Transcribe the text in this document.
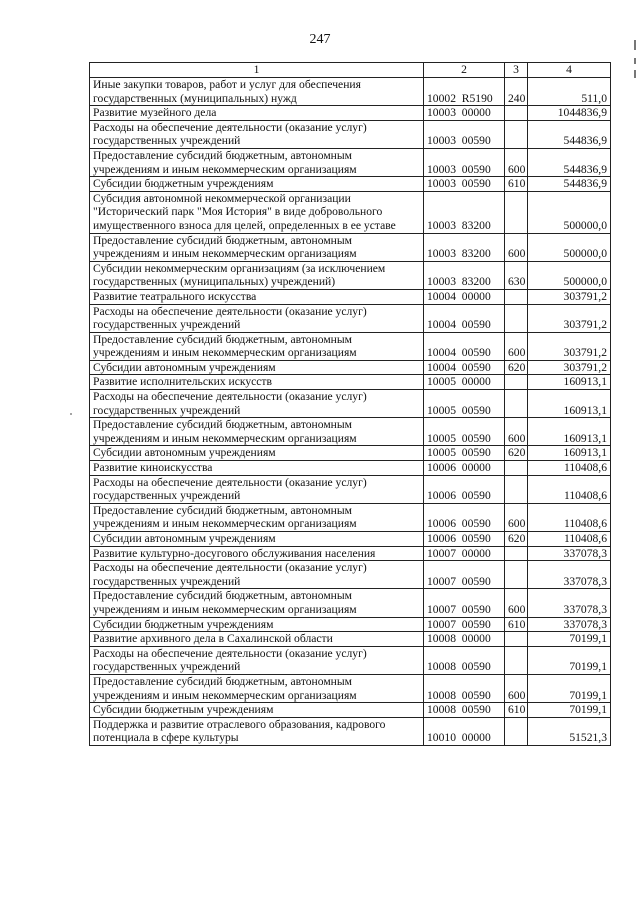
247
1	2	3	4
Иные закупки товаров, работ и услуг для обеспечения государственных (муниципальных) нужд	10002  R5190	240	511,0
Развитие музейного дела	10003  00000		1044836,9
Расходы на обеспечение деятельности (оказание услуг) государственных учреждений	10003  00590		544836,9
Предоставление субсидий бюджетным, автономным учреждениям и иным некоммерческим организациям	10003  00590	600	544836,9
Субсидии бюджетным учреждениям	10003  00590	610	544836,9
Субсидия автономной некоммерческой организации "Исторический парк "Моя История" в виде добровольного имущественного взноса для целей, определенных в ее уставе	10003  83200		500000,0
Предоставление субсидий бюджетным, автономным учреждениям и иным некоммерческим организациям	10003  83200	600	500000,0
Субсидии некоммерческим организациям (за исключением государственных (муниципальных) учреждений)	10003  83200	630	500000,0
Развитие театрального искусства	10004  00000		303791,2
Расходы на обеспечение деятельности (оказание услуг) государственных учреждений	10004  00590		303791,2
Предоставление субсидий бюджетным, автономным учреждениям и иным некоммерческим организациям	10004  00590	600	303791,2
Субсидии автономным учреждениям	10004  00590	620	303791,2
Развитие исполнительских искусств	10005  00000		160913,1
Расходы на обеспечение деятельности (оказание услуг) государственных учреждений	10005  00590		160913,1
Предоставление субсидий бюджетным, автономным учреждениям и иным некоммерческим организациям	10005  00590	600	160913,1
Субсидии автономным учреждениям	10005  00590	620	160913,1
Развитие киноискусства	10006  00000		110408,6
Расходы на обеспечение деятельности (оказание услуг) государственных учреждений	10006  00590		110408,6
Предоставление субсидий бюджетным, автономным учреждениям и иным некоммерческим организациям	10006  00590	600	110408,6
Субсидии автономным учреждениям	10006  00590	620	110408,6
Развитие культурно-досугового обслуживания населения	10007  00000		337078,3
Расходы на обеспечение деятельности (оказание услуг) государственных учреждений	10007  00590		337078,3
Предоставление субсидий бюджетным, автономным учреждениям и иным некоммерческим организациям	10007  00590	600	337078,3
Субсидии бюджетным учреждениям	10007  00590	610	337078,3
Развитие архивного дела в Сахалинской области	10008  00000		70199,1
Расходы на обеспечение деятельности (оказание услуг) государственных учреждений	10008  00590		70199,1
Предоставление субсидий бюджетным, автономным учреждениям и иным некоммерческим организациям	10008  00590	600	70199,1
Субсидии бюджетным учреждениям	10008  00590	610	70199,1
Поддержка и развитие отраслевого образования, кадрового потенциала в сфере культуры	10010  00000		51521,3
